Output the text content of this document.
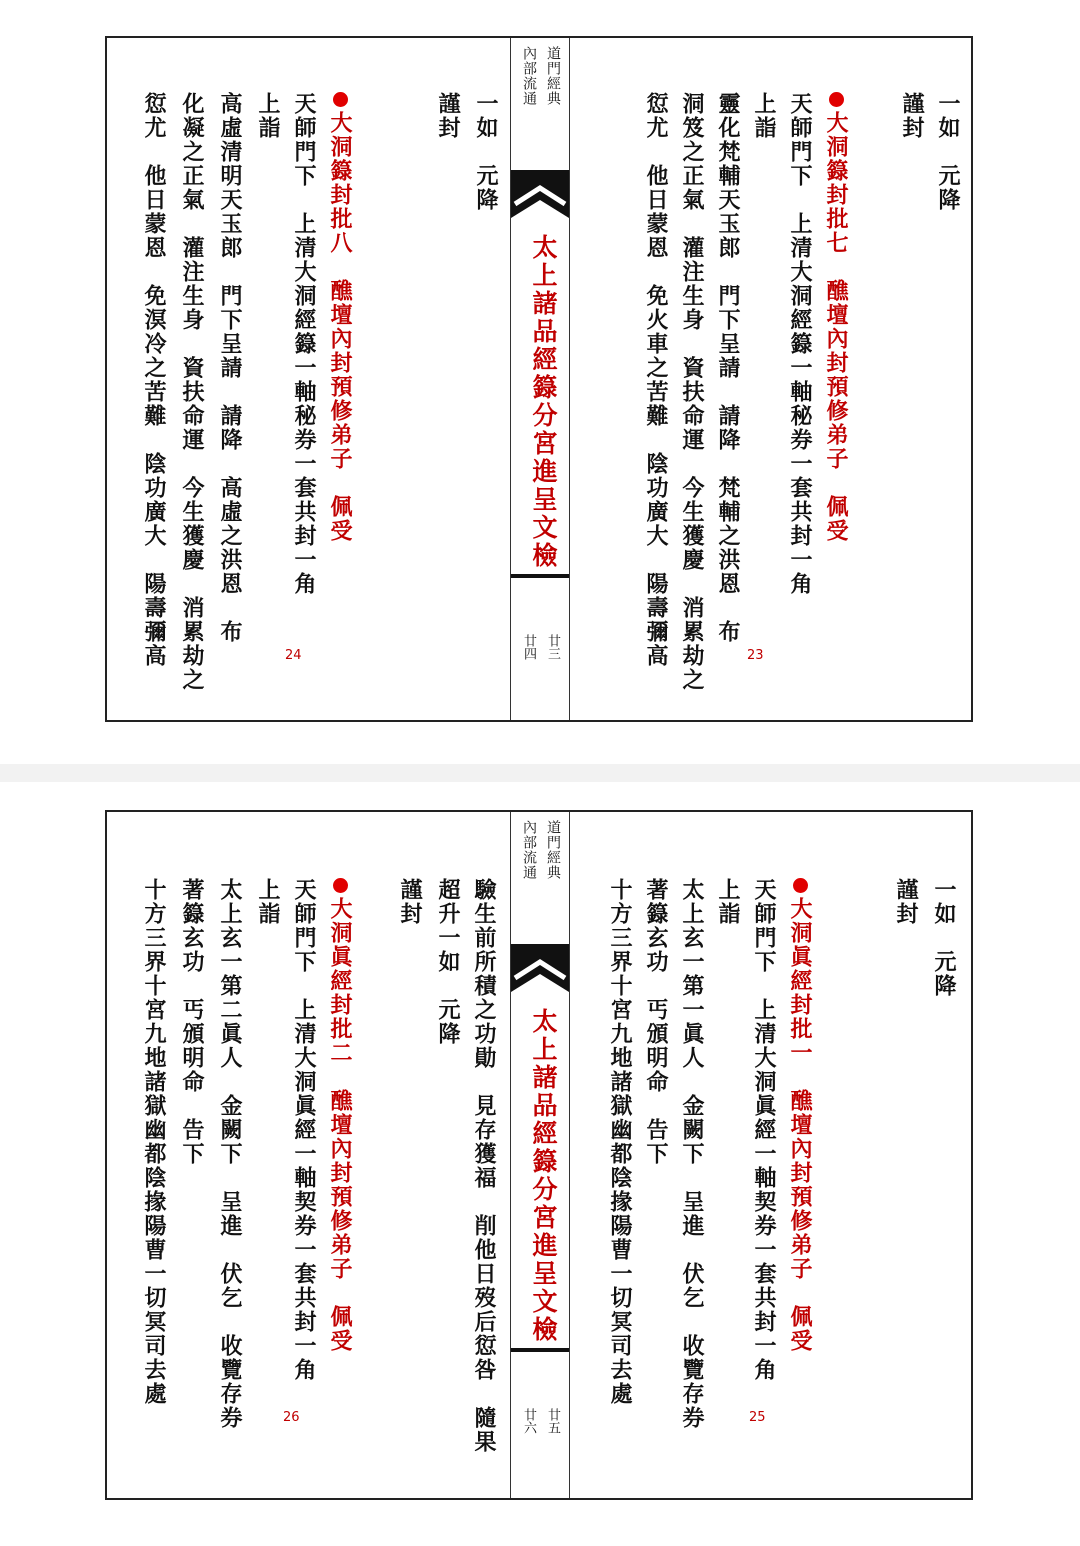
一如　元降
謹封
大洞籙封批七　醮壇內封預修弟子　佩受
天師門下　上清大洞經籙一軸秘券一套共封一角
上詣
靈化梵輔天玉郎　門下呈請　請降　梵輔之洪恩　布
洞笈之正氣　灌注生身　資扶命運　今生獲慶　消累劫之
愆尤　他日蒙恩　免火車之苦難　陰功廣大　陽壽彌高	23
道門經典
內部流通
太上諸品經籙分宮進呈文檢
廿三
廿四
一如　元降
謹封
大洞籙封批八　醮壇內封預修弟子　佩受
天師門下　上清大洞經籙一軸秘券一套共封一角
上詣
高虛清明天玉郎　門下呈請　請降　高虛之洪恩　布
化凝之正氣　灌注生身　資扶命運　今生獲慶　消累劫之
愆尤　他日蒙恩　免溟冷之苦難　陰功廣大　陽壽彌高	24
一如　元降
謹封
大洞眞經封批一　醮壇內封預修弟子　佩受
天師門下　上清大洞眞經一軸契券一套共封一角
上詣
太上玄一第一眞人　金闕下　呈進　伏乞　收覽存券
著籙玄功　丐頒明命　告下
十方三界十宮九地諸獄幽都陰掾陽曹一切冥司去處
25
道門經典
內部流通
太上諸品經籙分宮進呈文檢
廿五
廿六
驗生前所積之功勛　見存獲福　削他日歿后愆咎　隨果
超升一如　元降
謹封
大洞眞經封批二　醮壇內封預修弟子　佩受
天師門下　上清大洞眞經一軸契券一套共封一角
上詣
太上玄一第二眞人　金闕下　呈進　伏乞　收覽存券
著籙玄功　丐頒明命　告下
十方三界十宮九地諸獄幽都陰掾陽曹一切冥司去處
26
